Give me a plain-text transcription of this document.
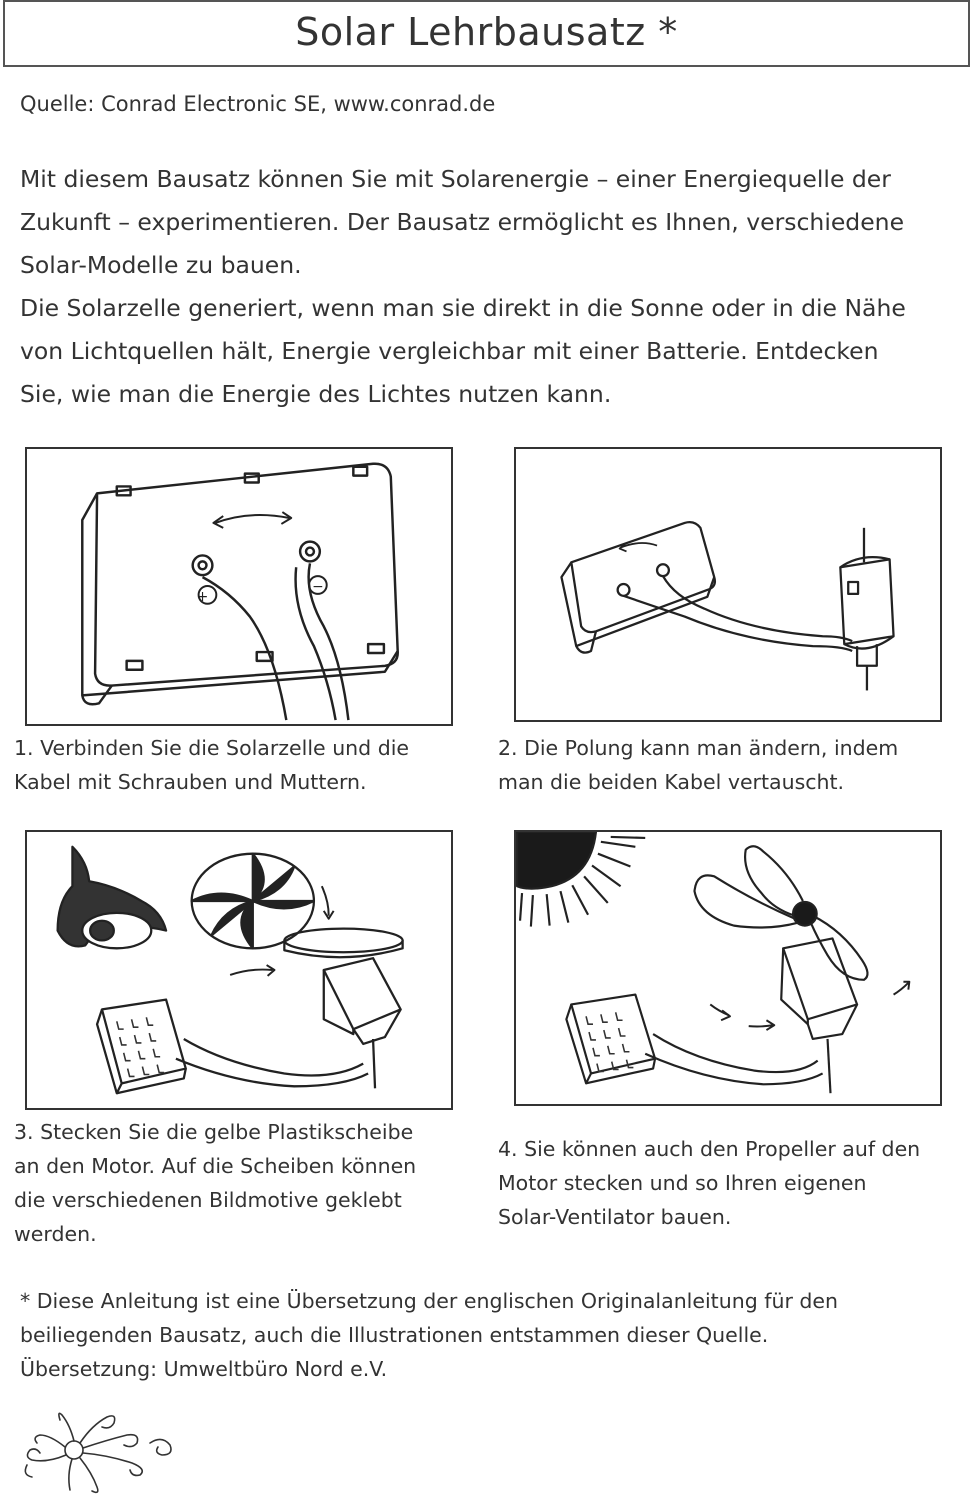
Solar Lehrbausatz *
Quelle: Conrad Electronic SE, www.conrad.de

Mit diesem Bausatz können Sie mit Solarenergie – einer Energiequelle der

Zukunft – experimentieren. Der Bausatz ermöglicht es Ihnen, verschiedene

Solar-Modelle zu bauen.

Die Solarzelle generiert, wenn man sie direkt in die Sonne oder in die Nähe

von Lichtquellen hält, Energie vergleichbar mit einer Batterie. Entdecken

Sie, wie man die Energie des Lichtes nutzen kann.

+
−
1. Verbinden Sie die Solarzelle und die
Kabel mit Schrauben und Muttern.
2. Die Polung kann man ändern, indem
man die beiden Kabel vertauscht.
3. Stecken Sie die gelbe Plastikscheibe
an den Motor. Auf die Scheiben können
die verschiedenen Bildmotive geklebt
werden.
4. Sie können auch den Propeller auf den
Motor stecken und so Ihren eigenen
Solar-Ventilator bauen.

* Diese Anleitung ist eine Übersetzung der englischen Originalanleitung für den

beiliegenden Bausatz, auch die Illustrationen entstammen dieser Quelle.

Übersetzung: Umweltbüro Nord e.V.
